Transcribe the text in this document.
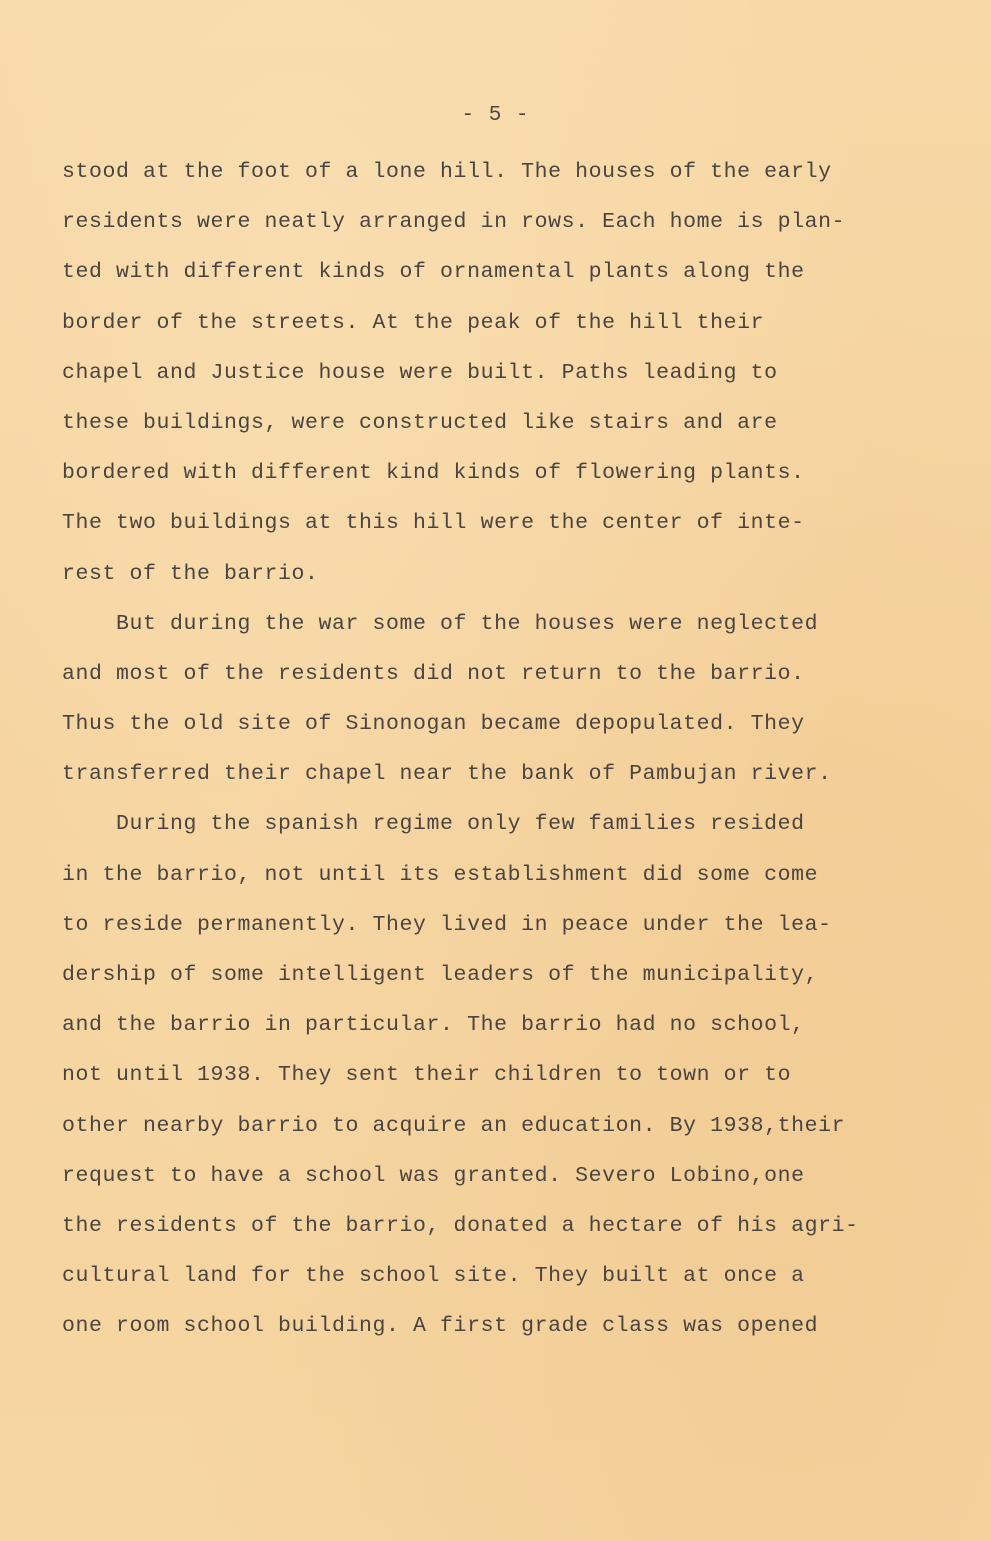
- 5 -
stood at the foot of a lone hill. The houses of the early
residents were neatly arranged in rows. Each home is plan-
ted with different kinds of ornamental plants along the
border of the streets. At the peak of the hill their
chapel and Justice house were built. Paths leading to
these buildings, were constructed like stairs and are
bordered with different kind kinds of flowering plants.
The two buildings at this hill were the center of inte-
rest of the barrio.
But during the war some of the houses were neglected
and most of the residents did not return to the barrio.
Thus the old site of Sinonogan became depopulated. They
transferred their chapel near the bank of Pambujan river.
During the spanish regime only few families resided
in the barrio, not until its establishment did some come
to reside permanently. They lived in peace under the lea-
dership of some intelligent leaders of the municipality,
and the barrio in particular. The barrio had no school,
not until 1938. They sent their children to town or to
other nearby barrio to acquire an education. By 1938,their
request to have a school was granted. Severo Lobino,one
the residents of the barrio, donated a hectare of his agri-
cultural land for the school site. They built at once a
one room school building. A first grade class was opened
